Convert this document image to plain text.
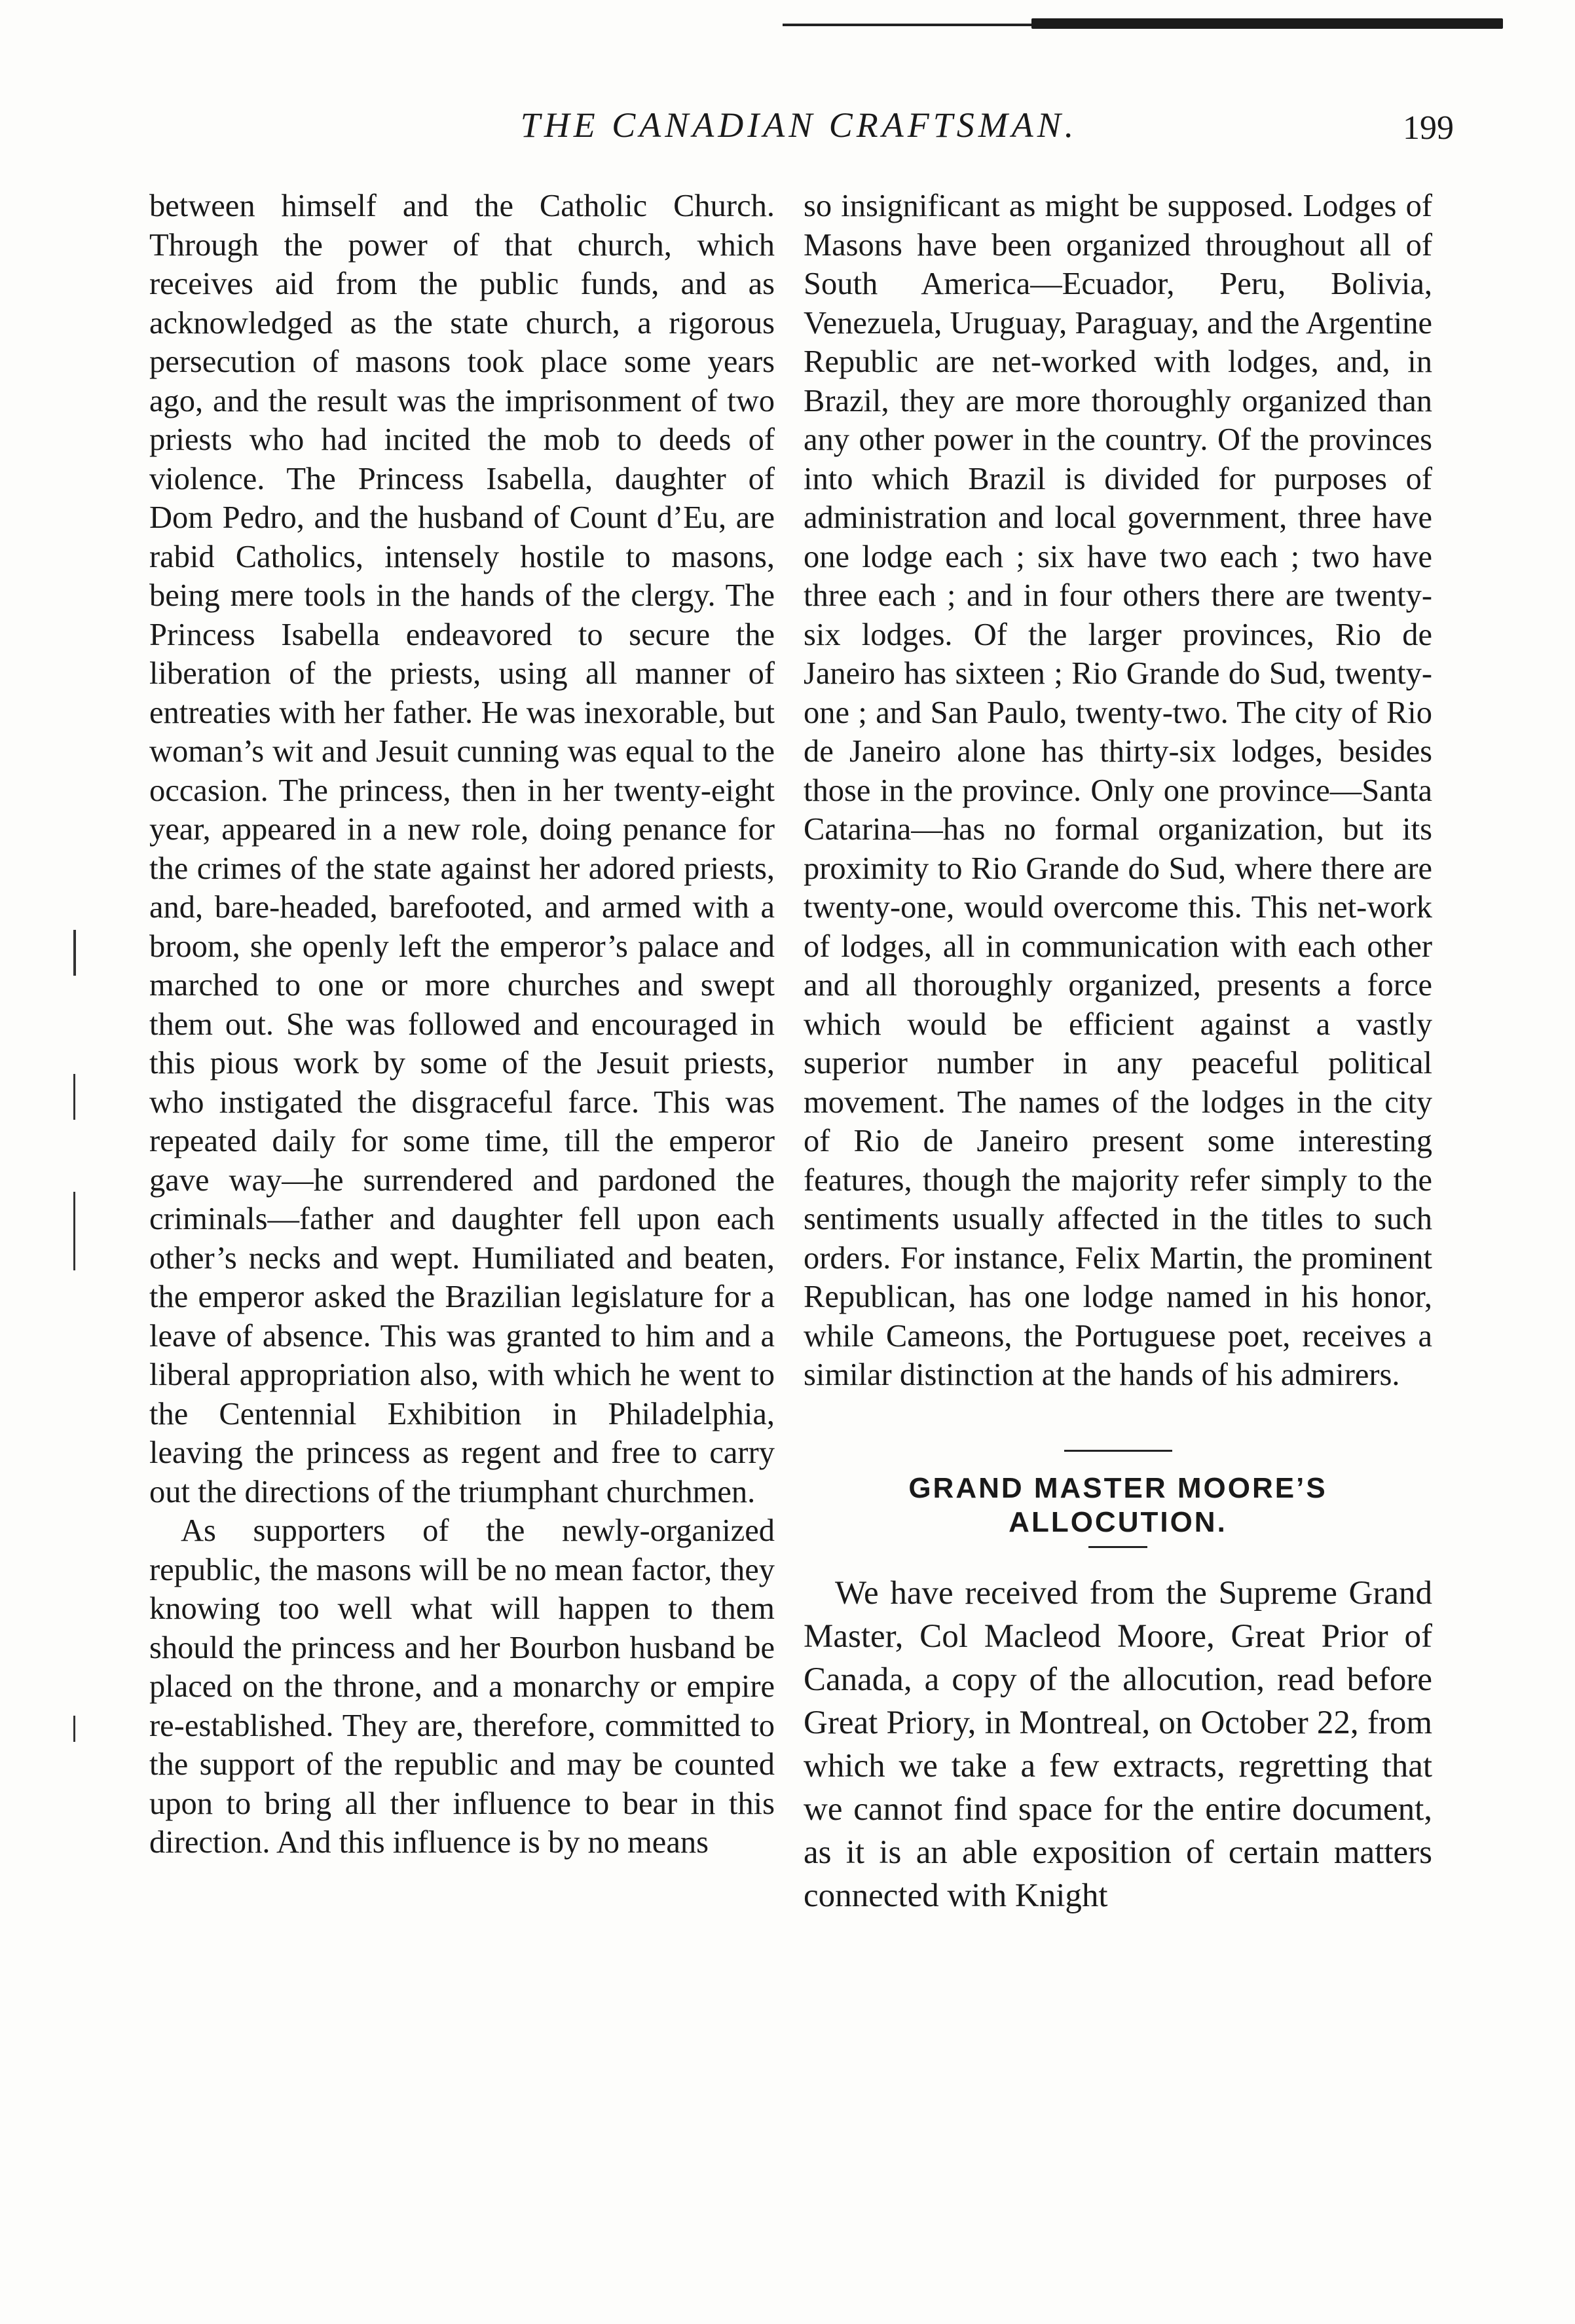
THE CANADIAN CRAFTSMAN.	199

between himself and the Catholic Church. Through the power of that church, which receives aid from the public funds, and as acknowledged as the state church, a rigorous persecution of masons took place some years ago, and the result was the imprisonment of two priests who had incited the mob to deeds of violence. The Princess Isabella, daughter of Dom Pedro, and the husband of Count d’Eu, are rabid Catholics, intensely hostile to masons, being mere tools in the hands of the clergy. The Princess Isabella endeavored to secure the liberation of the priests, using all manner of entreaties with her father. He was inexorable, but woman’s wit and Jesuit cunning was equal to the occasion. The princess, then in her twenty-eight year, appeared in a new role, doing penance for the crimes of the state against her adored priests, and, bare-headed, barefooted, and armed with a broom, she openly left the emperor’s palace and marched to one or more churches and swept them out. She was followed and encouraged in this pious work by some of the Jesuit priests, who instigated the disgraceful farce. This was repeated daily for some time, till the emperor gave way—he surrendered and pardoned the criminals—father and daughter fell upon each other’s necks and wept. Humiliated and beaten, the emperor asked the Brazilian legislature for a leave of absence. This was granted to him and a liberal appropriation also, with which he went to the Centennial Exhibition in Philadelphia, leaving the princess as regent and free to carry out the directions of the triumphant churchmen.

As supporters of the newly-organized republic, the masons will be no mean factor, they knowing too well what will happen to them should the princess and her Bourbon husband be placed on the throne, and a monarchy or empire re-established. They are, therefore, committed to the support of the republic and may be counted upon to bring all ther influence to bear in this direction. And this influence is by no means

so insignificant as might be supposed. Lodges of Masons have been organized throughout all of South America—Ecuador, Peru, Bolivia, Venezuela, Uruguay, Paraguay, and the Argentine Republic are net-worked with lodges, and, in Brazil, they are more thoroughly organized than any other power in the country. Of the provinces into which Brazil is divided for purposes of administration and local government, three have one lodge each ; six have two each ; two have three each ; and in four others there are twenty-six lodges. Of the larger provinces, Rio de Janeiro has sixteen ; Rio Grande do Sud, twenty-one ; and San Paulo, twenty-two. The city of Rio de Janeiro alone has thirty-six lodges, besides those in the province. Only one province—Santa Catarina—has no formal organization, but its proximity to Rio Grande do Sud, where there are twenty-one, would overcome this. This net-work of lodges, all in communication with each other and all thoroughly organized, presents a force which would be efficient against a vastly superior number in any peaceful political movement. The names of the lodges in the city of Rio de Janeiro present some interesting features, though the majority refer simply to the sentiments usually affected in the titles to such orders. For instance, Felix Martin, the prominent Republican, has one lodge named in his honor, while Cameons, the Portuguese poet, receives a similar distinction at the hands of his admirers.

GRAND MASTER MOORE’S ALLOCUTION.

We have received from the Supreme Grand Master, Col Macleod Moore, Great Prior of Canada, a copy of the allocution, read before Great Priory, in Montreal, on October 22, from which we take a few extracts, regretting that we cannot find space for the entire document, as it is an able exposition of certain matters connected with Knight
